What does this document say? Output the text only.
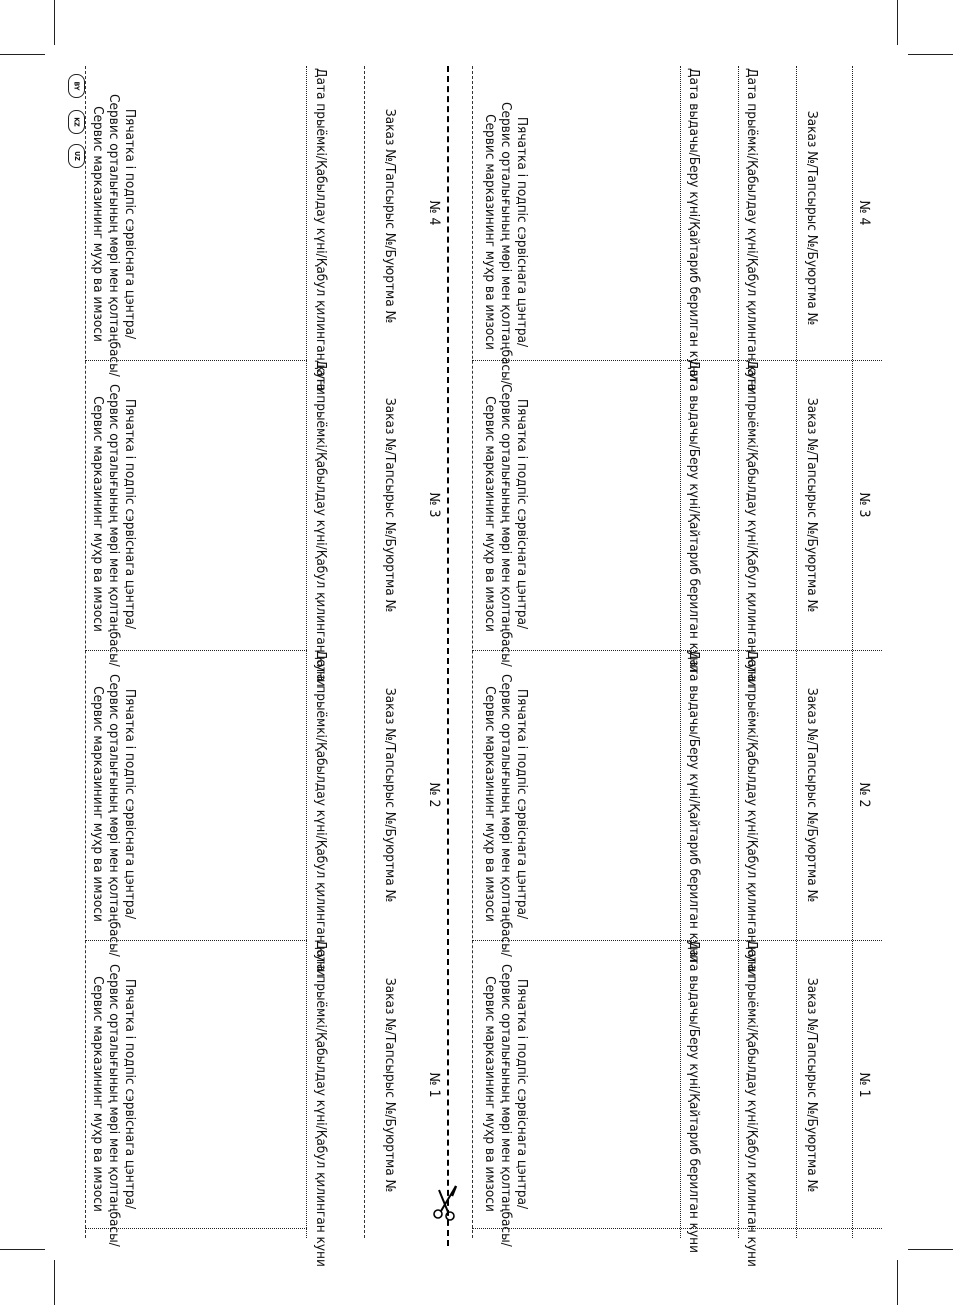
BY
KZ
UZ	Пячатка і подпіс сэрвіснага цэнтра/
Сервис орталығының мөрі мен қолтаңбасы/
Сервис марказининг муҳр ва имзоси	Дата прыёмкі/Қабылдау күні/Қабул қилинган куни	Заказ №/Тапсырыс №/Буюртма № № 4	Пячатка і подпіс сэрвіснага цэнтра/
Сервис орталығының мөрі мен қолтаңбасы/
Сервис марказининг муҳр ва имзоси	Дата выдачы/Беру күні/Қайтариб берилган куни	Дата прыёмкі/Қабылдау күні/Қабул қилинган куни	Заказ №/Тапсырыс №/Буюртма №	№ 4
Пячатка і подпіс сэрвіснага цэнтра/
Сервис орталығының мөрі мен қолтаңбасы/
Сервис марказининг муҳр ва имзоси	Дата прыёмкі/Қабылдау күні/Қабул қилинган куни	Заказ №/Тапсырыс №/Буюртма № № 3	Пячатка і подпіс сэрвіснага цэнтра/
Сервис орталығының мөрі мен қолтаңбасы/
Сервис марказининг муҳр ва имзоси	Дата выдачы/Беру күні/Қайтариб берилган куни	Дата прыёмкі/Қабылдау күні/Қабул қилинган куни	Заказ №/Тапсырыс №/Буюртма №	№ 3
Пячатка і подпіс сэрвіснага цэнтра/
Сервис орталығының мөрі мен қолтаңбасы/
Сервис марказининг муҳр ва имзоси	Дата прыёмкі/Қабылдау күні/Қабул қилинган куни	Заказ №/Тапсырыс №/Буюртма № № 2	Пячатка і подпіс сэрвіснага цэнтра/
Сервис орталығының мөрі мен қолтаңбасы/
Сервис марказининг муҳр ва имзоси	Дата выдачы/Беру күні/Қайтариб берилган куни	Дата прыёмкі/Қабылдау күні/Қабул қилинган куни	Заказ №/Тапсырыс №/Буюртма №	№ 2
Пячатка і подпіс сэрвіснага цэнтра/
Сервис орталығының мөрі мен қолтаңбасы/
Сервис марказининг муҳр ва имзоси	Дата прыёмкі/Қабылдау күні/Қабул қилинган куни	Заказ №/Тапсырыс №/Буюртма № № 1	Пячатка і подпіс сэрвіснага цэнтра/
Сервис орталығының мөрі мен қолтаңбасы/
Сервис марказининг муҳр ва имзоси	Дата выдачы/Беру күні/Қайтариб берилган куни	Дата прыёмкі/Қабылдау күні/Қабул қилинган куни	Заказ №/Тапсырыс №/Буюртма №	№ 1
